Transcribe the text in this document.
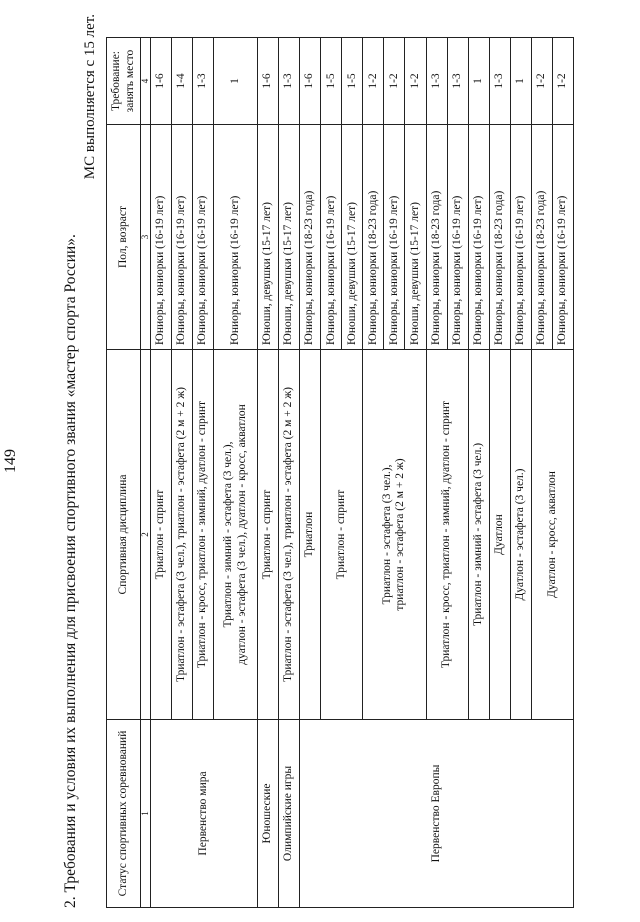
149	2. Требования и условия их выполнения для присвоения спортивного звания «мастер спорта России».
МС выполняется с 15 лет.
Статус спортивных соревнований	Спортивная дисциплина	Пол, возраст	Требование: занять место
1	2	3	4
Первенство мира	Триатлон - спринт	Юниоры, юниорки (16-19 лет)	1-6
	Триатлон - эстафета (3 чел.), триатлон - эстафета (2 м + 2 ж)	Юниоры, юниорки (16-19 лет)	1-4
	Триатлон - кросс, триатлон - зимний, дуатлон - спринт	Юниоры, юниорки (16-19 лет)	1-3

	Триатлон - зимний - эстафета (3 чел.), дуатлон - эстафета (3 чел.), дуатлон - кросс, акватлон	Юниоры, юниорки (16-19 лет)	1
Юношеские	Триатлон - спринт	Юноши, девушки (15-17 лет)	1-6
Олимпийские игры	Триатлон - эстафета (3 чел.), триатлон - эстафета (2 м + 2 ж)	Юноши, девушки (15-17 лет)	1-3
Первенство Европы	Триатлон	Юниоры, юниорки (18-23 года)	1-6
	Триатлон - спринт	Юниоры, юниорки (16-19 лет)	1-5
		Юноши, девушки (15-17 лет)	1-5

	Триатлон - эстафета (3 чел.), триатлон - эстафета (2 м + 2 ж)	Юниоры, юниорки (18-23 года)	1-2
		Юниоры, юниорки (16-19 лет)	1-2
		Юноши, девушки (15-17 лет)	1-2
	Триатлон - кросс, триатлон - зимний, дуатлон - спринт	Юниоры, юниорки (18-23 года)	1-3
		Юниоры, юниорки (16-19 лет)	1-3
	Триатлон - зимний - эстафета (3 чел.)	Юниоры, юниорки (16-19 лет)	1
	Дуатлон	Юниоры, юниорки (18-23 года)	1-3
	Дуатлон - эстафета (3 чел.)	Юниоры, юниорки (16-19 лет)	1
	Дуатлон - кросс, акватлон	Юниоры, юниорки (18-23 года)	1-2
		Юниоры, юниорки (16-19 лет)	1-2
